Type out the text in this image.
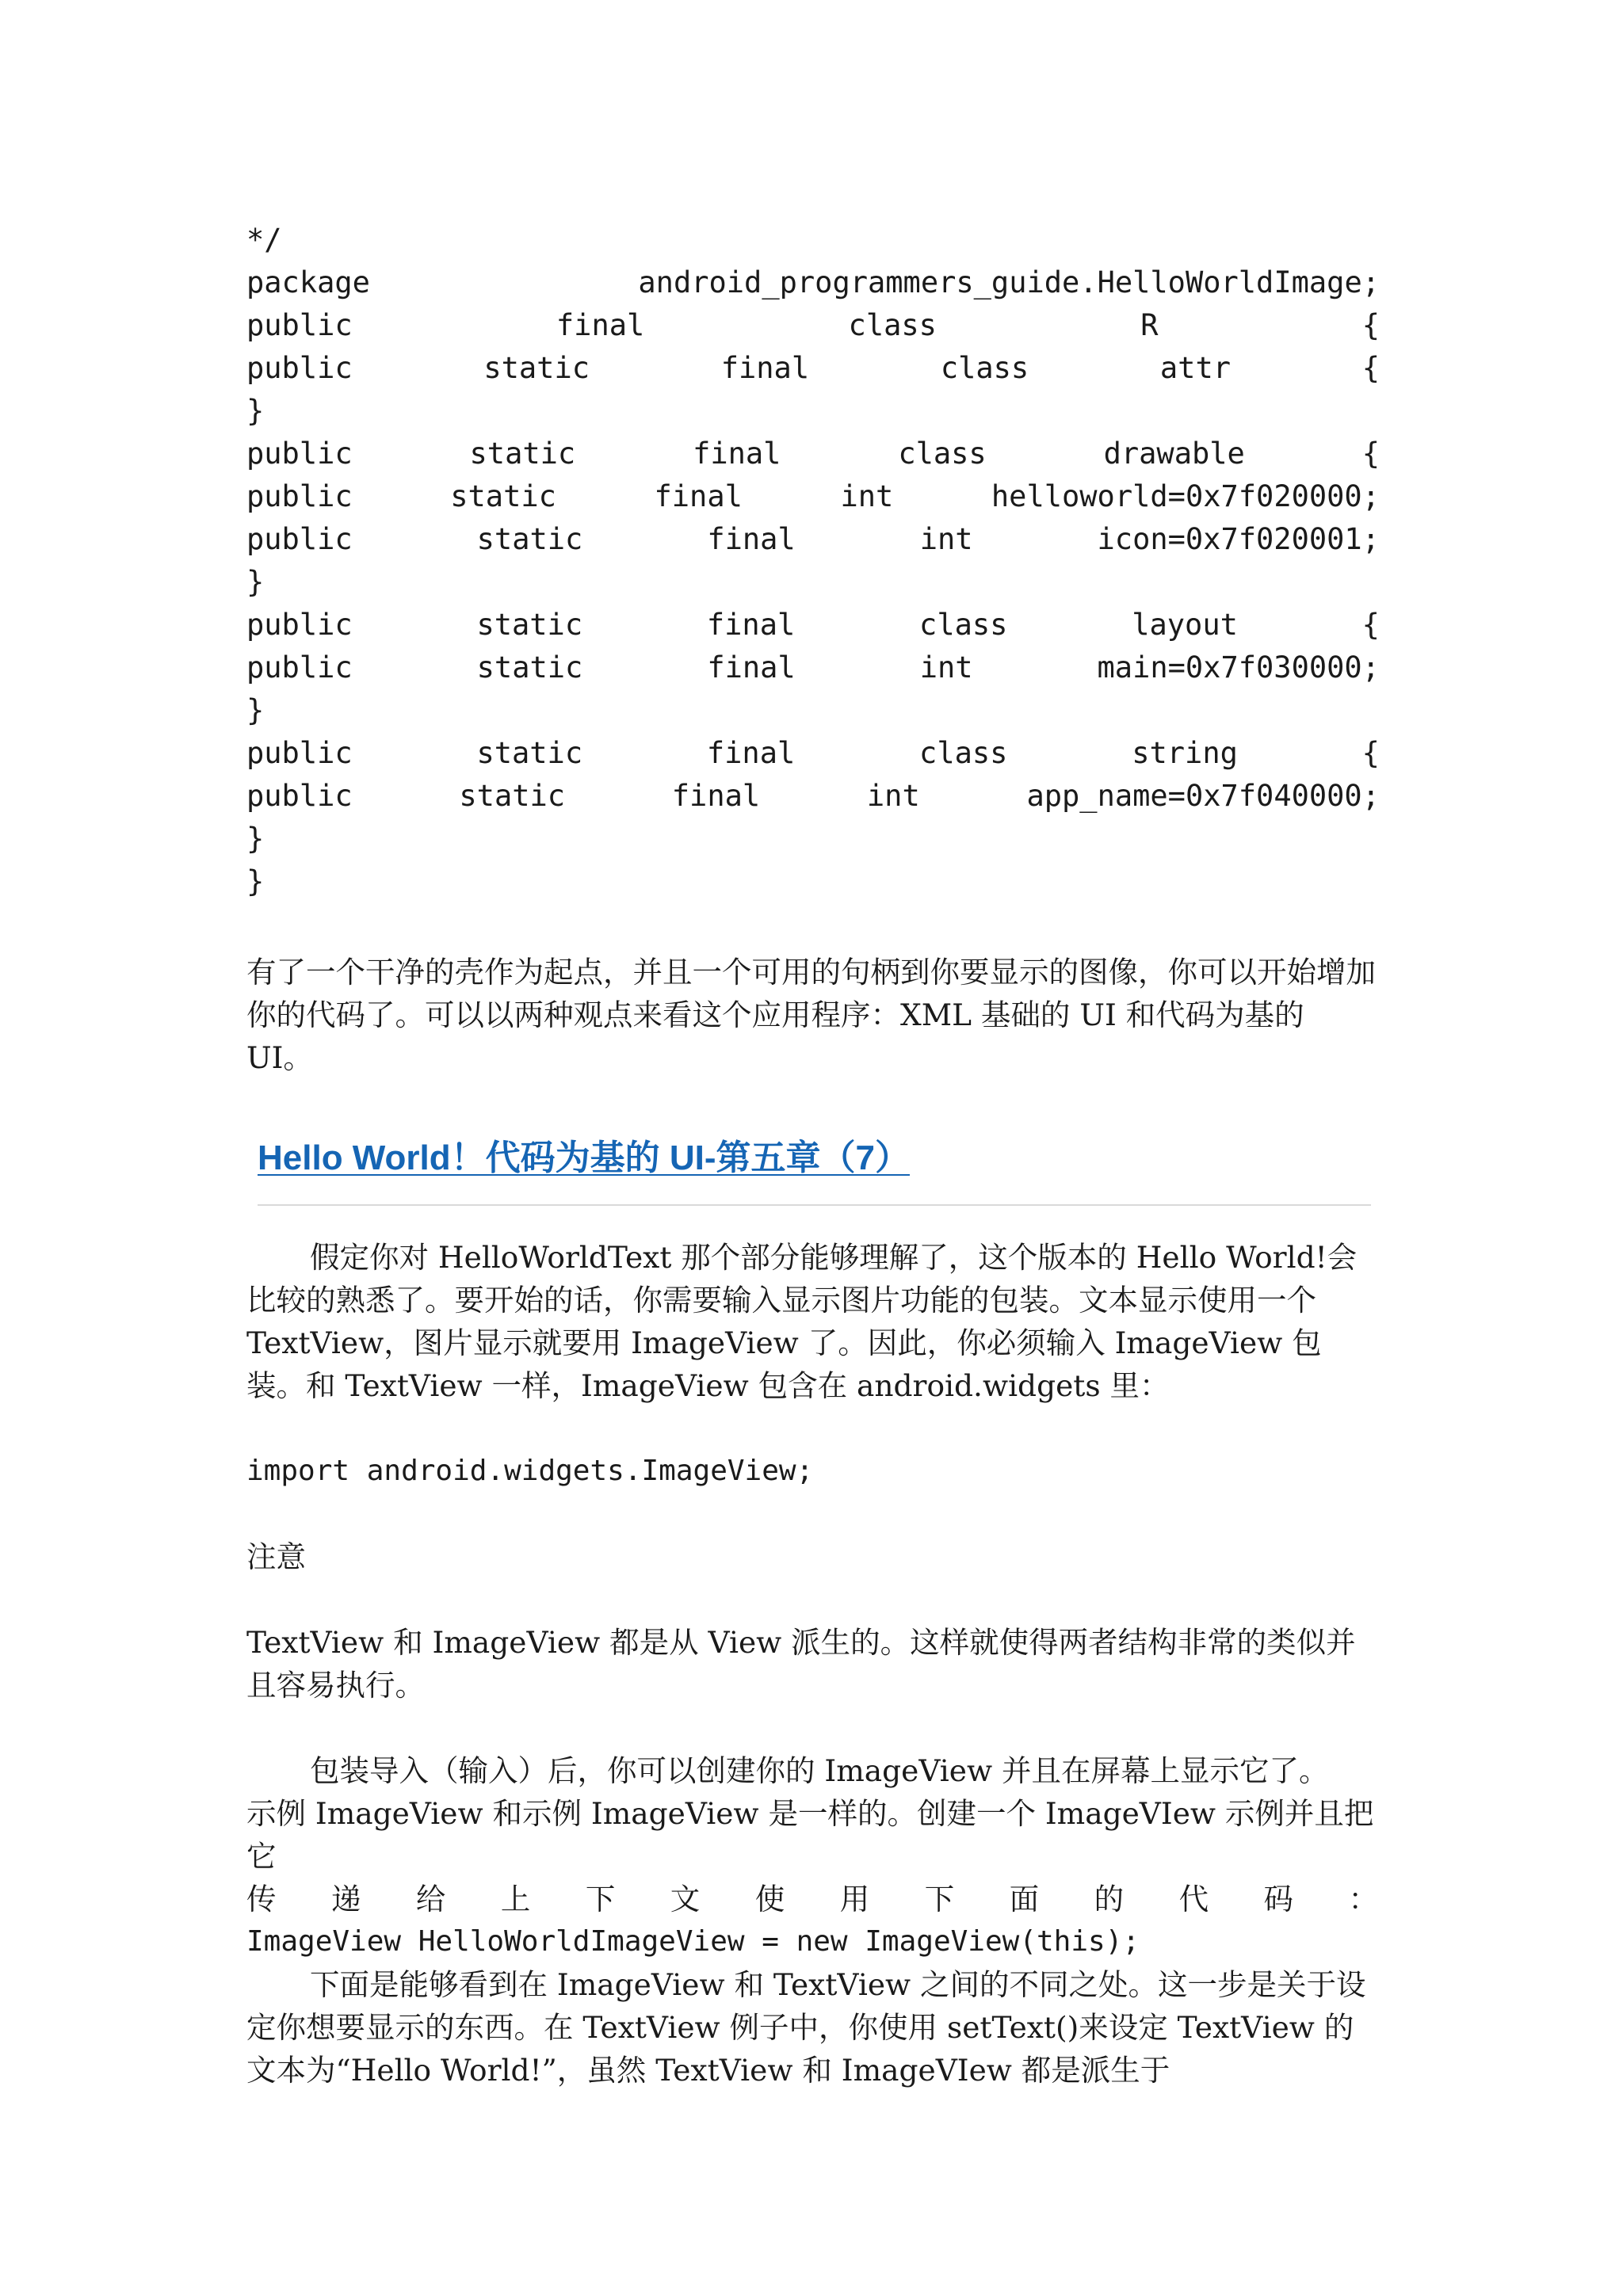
*/
package	android_programmers_guide.HelloWorldImage;
public	final	class	R	{
public	static	final	class	attr	{
}
public	static	final	class	drawable	{
public	static	final	int	helloworld=0x7f020000;
public	static	final	int	icon=0x7f020001;
}
public	static	final	class	layout	{
public	static	final	int	main=0x7f030000;
}
public	static	final	class	string	{
public	static	final	int	app_name=0x7f040000;
}
}

有了一个干净的壳作为起点，并且一个可用的句柄到你要显示的图像，你可以开始增加你的代码了。可以以两种观点来看这个应用程序：XML 基础的 UI 和代码为基的 UI。

Hello World！代码为基的 UI-第五章（7）

假定你对 HelloWorldText 那个部分能够理解了，这个版本的 Hello World!会比较的熟悉了。要开始的话，你需要输入显示图片功能的包装。文本显示使用一个 TextView，图片显示就要用 ImageView 了。因此，你必须输入 ImageView 包装。和 TextView 一样，ImageView 包含在 android.widgets 里：

import android.widgets.ImageView;

注意

TextView 和 ImageView 都是从 View 派生的。这样就使得两者结构非常的类似并且容易执行。

包装导入（输入）后，你可以创建你的 ImageView 并且在屏幕上显示它了。

示例 ImageView 和示例 ImageView 是一样的。创建一个 ImageVIew 示例并且把它

传递给上下文使用下面的代码：

ImageView HelloWorldImageView = new ImageView(this);

下面是能够看到在 ImageView 和 TextView 之间的不同之处。这一步是关于设定你想要显示的东西。在 TextView 例子中，你使用 setText()来设定 TextView 的文本为“Hello World!”，虽然 TextView 和 ImageVIew 都是派生于
